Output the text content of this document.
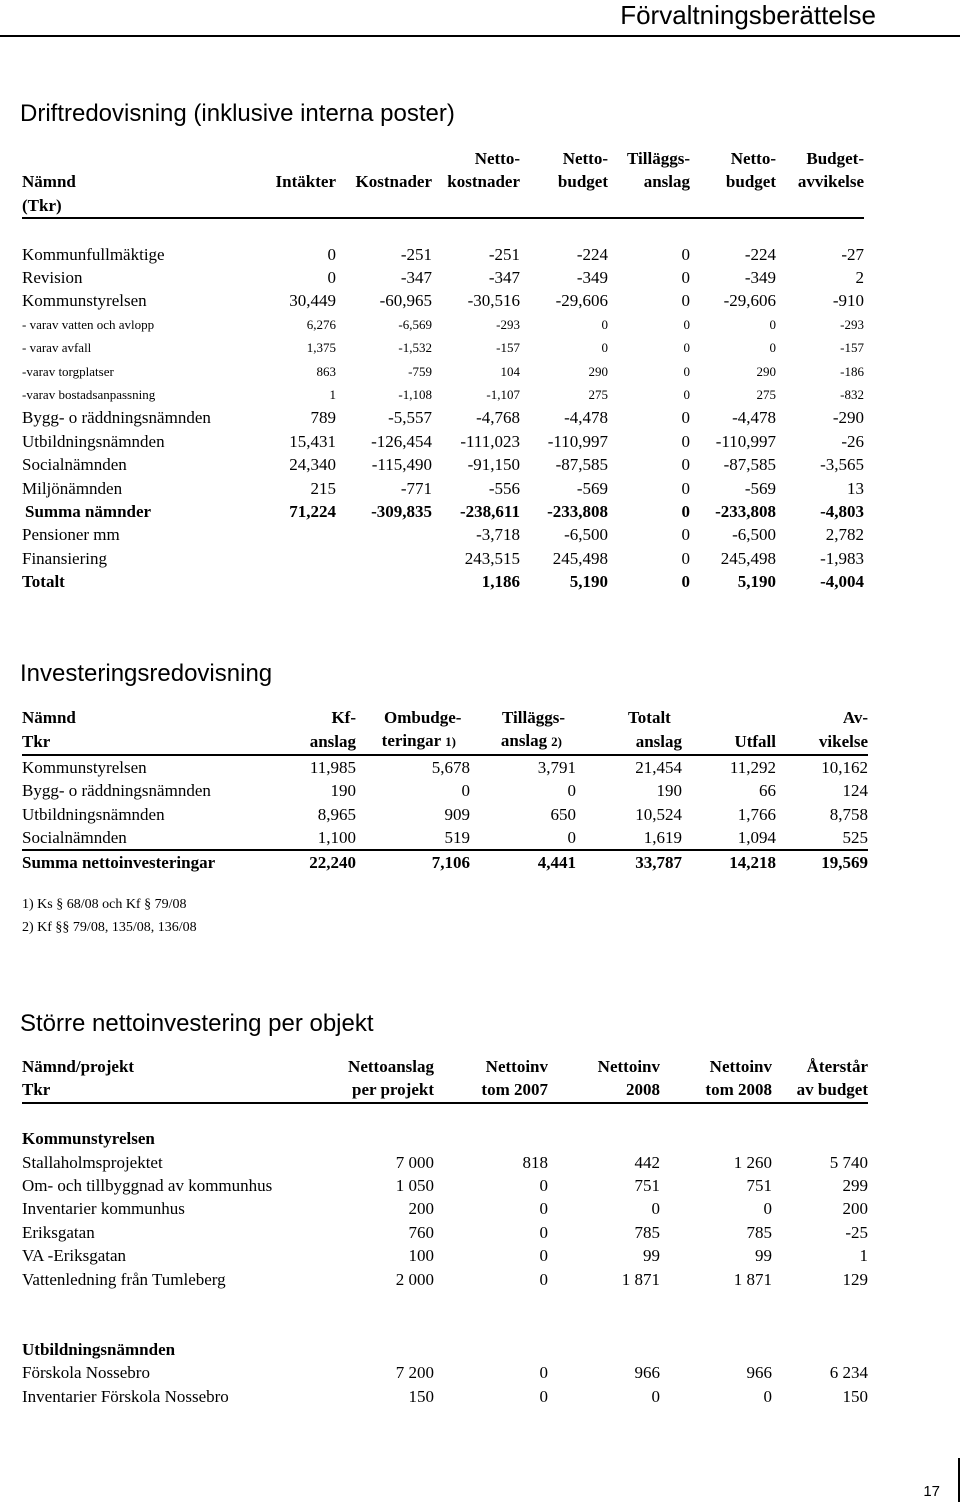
Förvaltningsberättelse
Driftredovisning (inklusive interna poster)
			Netto-	Netto-	Tilläggs-	Netto-	Budget-
Nämnd	Intäkter	Kostnader	kostnader	budget	anslag	budget	avvikelse
(Tkr)							

Kommunfullmäktige	0	-251	-251	-224	0	-224	-27
Revision	0	-347	-347	-349	0	-349	2
Kommunstyrelsen	30,449	-60,965	-30,516	-29,606	0	-29,606	-910
- varav vatten och avlopp	6,276	-6,569	-293	0	0	0	-293
- varav avfall	1,375	-1,532	-157	0	0	0	-157
-varav torgplatser	863	-759	104	290	0	290	-186
-varav bostadsanpassning	1	-1,108	-1,107	275	0	275	-832
Bygg- o räddningsnämnden	789	-5,557	-4,768	-4,478	0	-4,478	-290
Utbildningsnämnden	15,431	-126,454	-111,023	-110,997	0	-110,997	-26
Socialnämnden	24,340	-115,490	-91,150	-87,585	0	-87,585	-3,565
Miljönämnden	215	-771	-556	-569	0	-569	13
Summa nämnder	71,224	-309,835	-238,611	-233,808	0	-233,808	-4,803
Pensioner mm			-3,718	-6,500	0	-6,500	2,782
Finansiering			243,515	245,498	0	245,498	-1,983
Totalt			1,186	5,190	0	5,190	-4,004
Investeringsredovisning
Nämnd	Kf-	Ombudge-	Tilläggs-	Totalt		Av-
Tkr	anslag	teringar 1)	anslag 2)	anslag	Utfall	vikelse
Kommunstyrelsen	11,985	5,678	3,791	21,454	11,292	10,162
Bygg- o räddningsnämnden	190	0	0	190	66	124
Utbildningsnämnden	8,965	909	650	10,524	1,766	8,758
Socialnämnden	1,100	519	0	1,619	1,094	525
Summa nettoinvesteringar	22,240	7,106	4,441	33,787	14,218	19,569
1) Ks § 68/08 och Kf § 79/08
2) Kf §§ 79/08, 135/08, 136/08
Större nettoinvestering per objekt
Nämnd/projekt	Nettoanslag	Nettoinv	Nettoinv	Nettoinv	Återstår
Tkr	per projekt	tom 2007	2008	tom 2008	av budget

Kommunstyrelsen					
Stallaholmsprojektet	7 000	818	442	1 260	5 740
Om- och tillbyggnad av kommunhus	1 050	0	751	751	299
Inventarier kommunhus	200	0	0	0	200
Eriksgatan	760	0	785	785	-25
VA -Eriksgatan	100	0	99	99	1
Vattenledning från Tumleberg	2 000	0	1 871	1 871	129

Utbildningsnämnden					
Förskola Nossebro	7 200	0	966	966	6 234
Inventarier Förskola Nossebro	150	0	0	0	150
17
